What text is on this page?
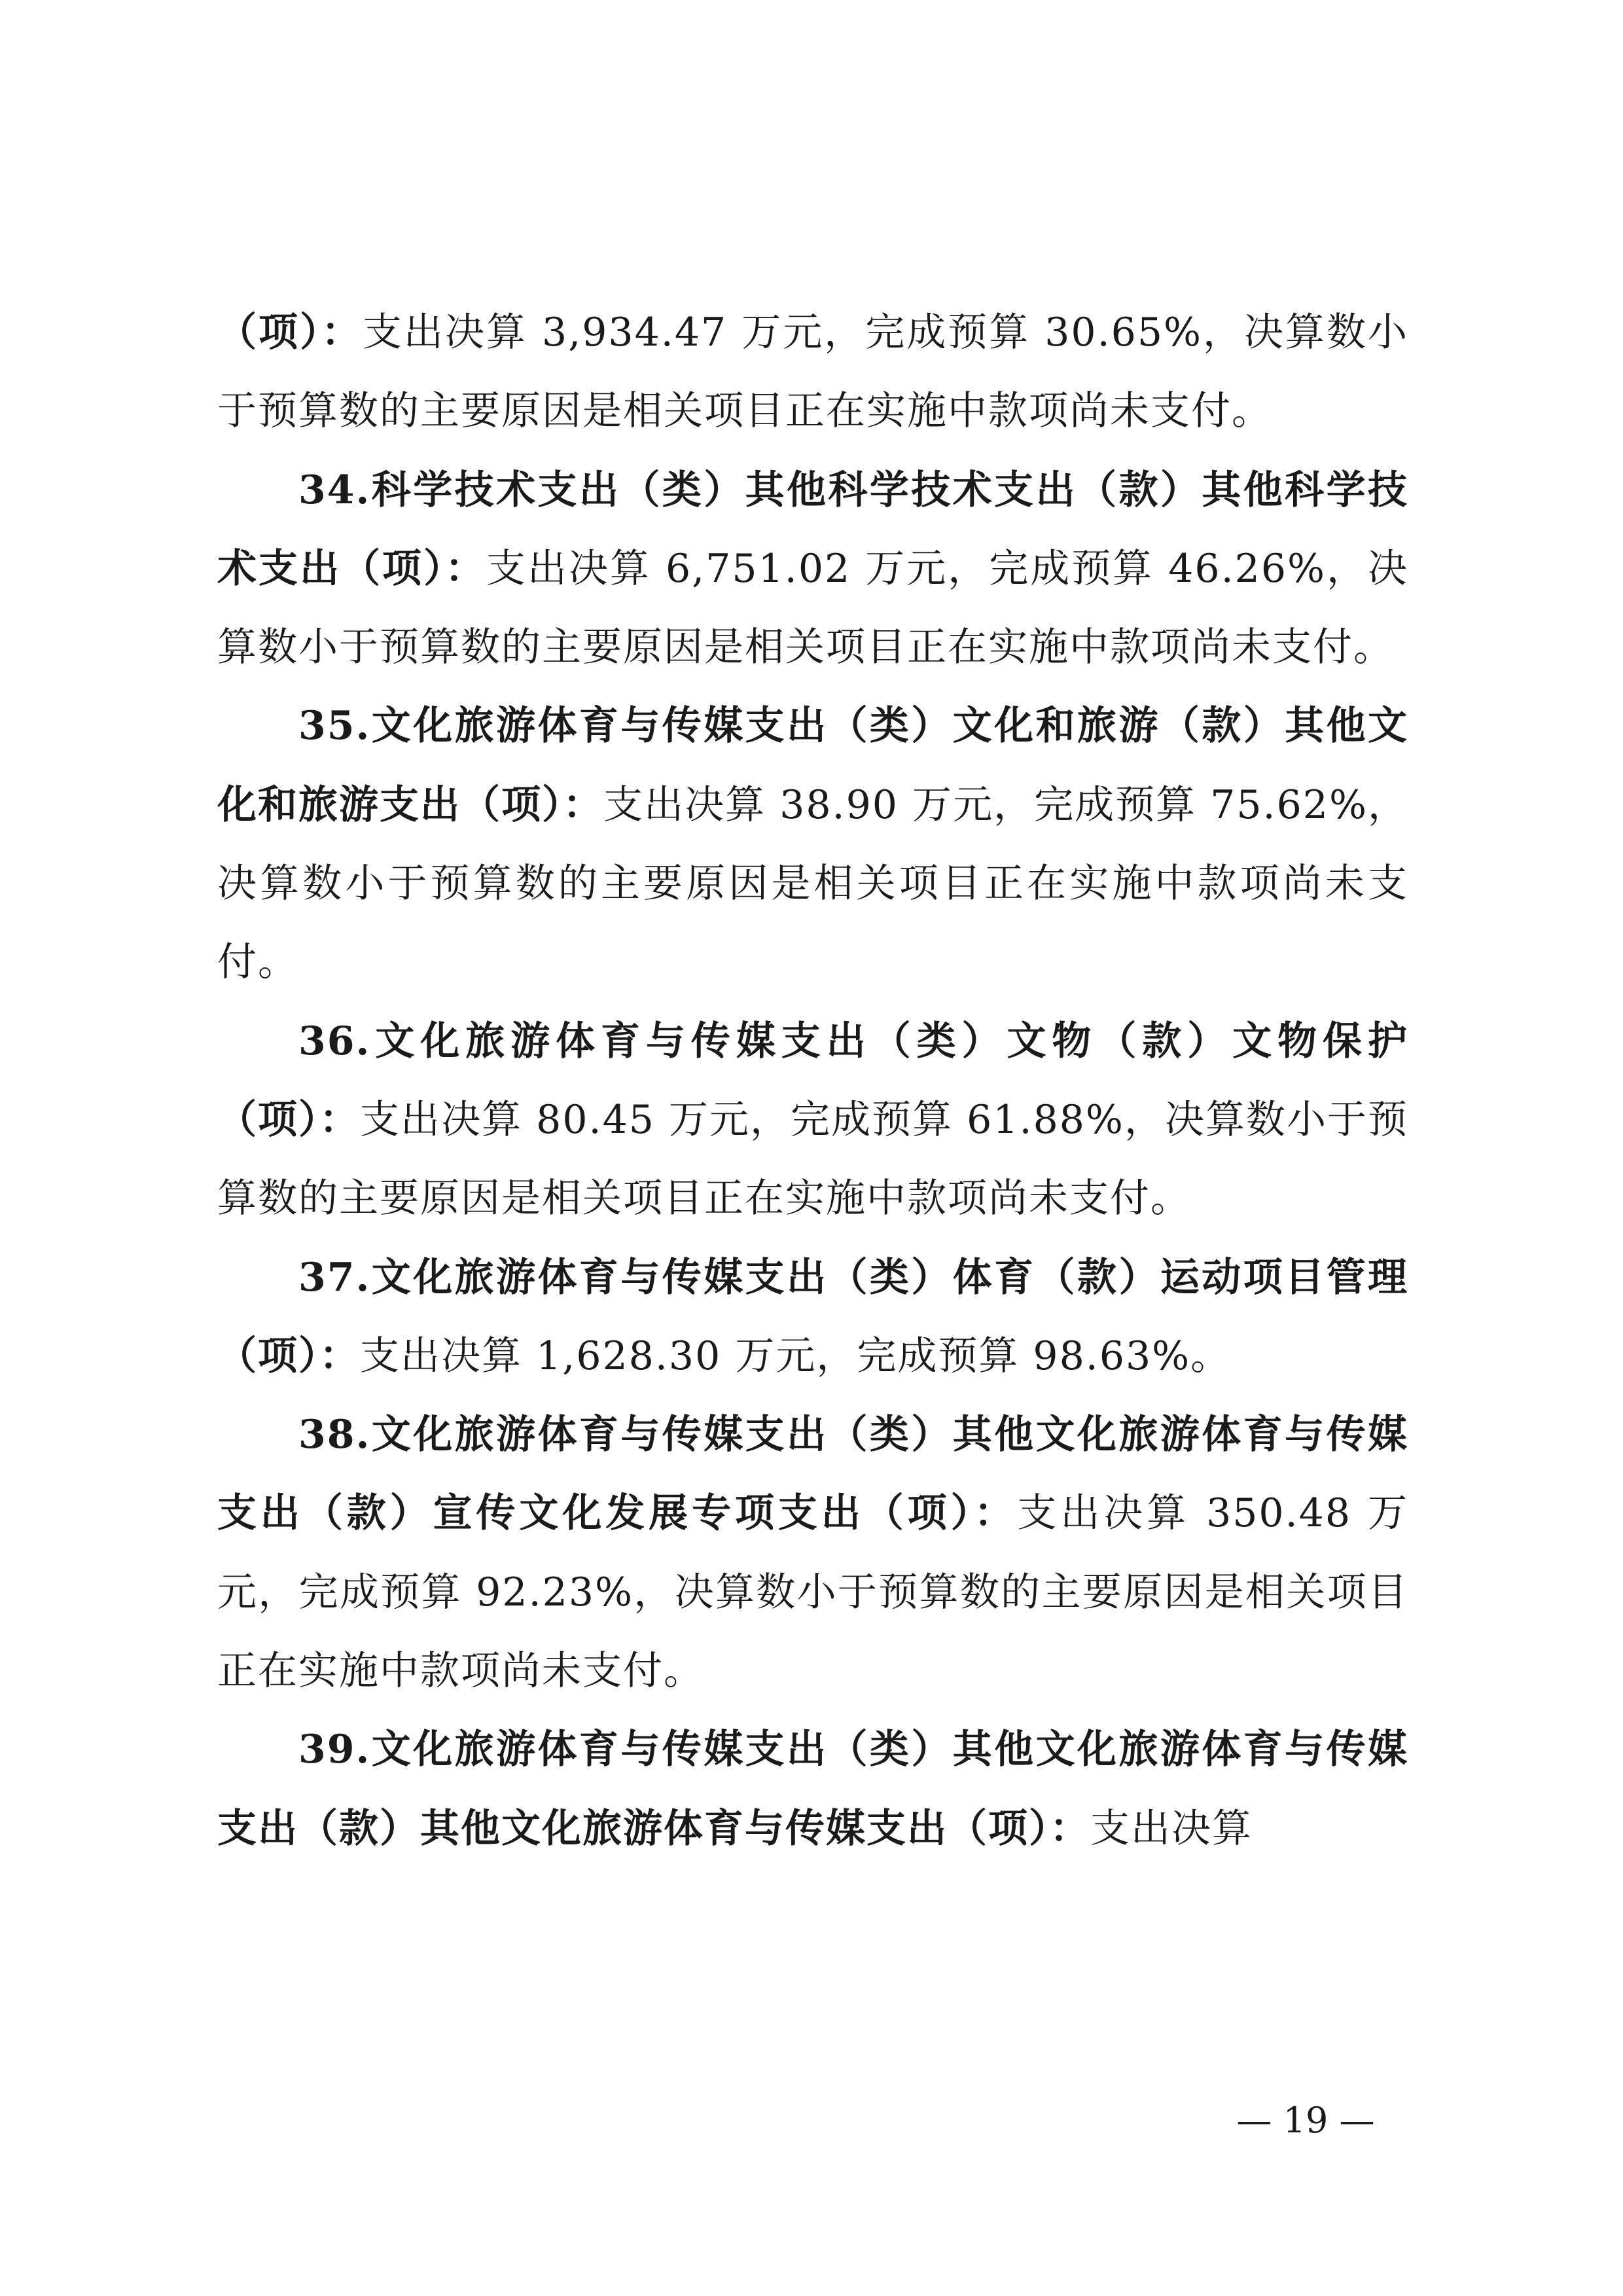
（项）：支出决算 3,934.47 万元，完成预算 30.65%，决算数小于预算数的主要原因是相关项目正在实施中款项尚未支付。

34.科学技术支出（类）其他科学技术支出（款）其他科学技术支出（项）：支出决算 6,751.02 万元，完成预算 46.26%，决算数小于预算数的主要原因是相关项目正在实施中款项尚未支付。

35.文化旅游体育与传媒支出（类）文化和旅游（款）其他文化和旅游支出（项）：支出决算 38.90 万元，完成预算 75.62%，决算数小于预算数的主要原因是相关项目正在实施中款项尚未支付。

36.文化旅游体育与传媒支出（类）文物（款）文物保护（项）：支出决算 80.45 万元，完成预算 61.88%，决算数小于预算数的主要原因是相关项目正在实施中款项尚未支付。

37.文化旅游体育与传媒支出（类）体育（款）运动项目管理（项）：支出决算 1,628.30 万元，完成预算 98.63%。

38.文化旅游体育与传媒支出（类）其他文化旅游体育与传媒支出（款）宣传文化发展专项支出（项）：支出决算 350.48 万元，完成预算 92.23%，决算数小于预算数的主要原因是相关项目正在实施中款项尚未支付。

39.文化旅游体育与传媒支出（类）其他文化旅游体育与传媒支出（款）其他文化旅游体育与传媒支出（项）：支出决算

— 19 —
